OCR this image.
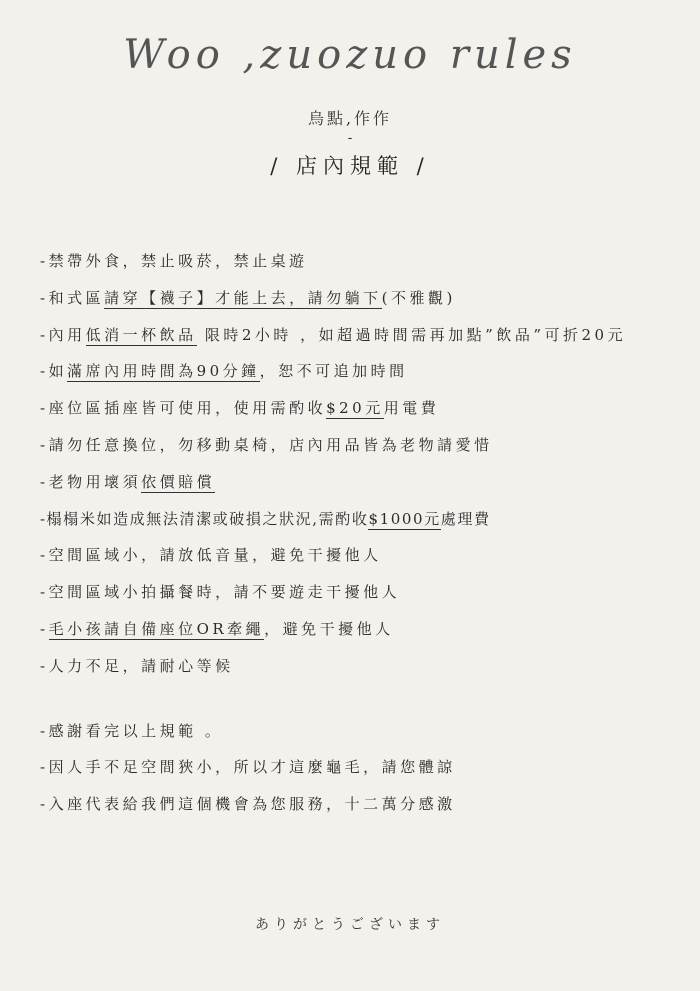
Woo ,zuozuo rules
烏點,作作
-
/ 店內規範 /

-禁帶外食，禁止吸菸，禁止桌遊

-和式區請穿【襪子】才能上去，請勿躺下(不雅觀)

-內用低消一杯飲品 限時2小時 ，如超過時間需再加點”飲品”可折20元

-如滿席內用時間為90分鐘，恕不可追加時間

-座位區插座皆可使用，使用需酌收$20元用電費

-請勿任意換位，勿移動桌椅，店內用品皆為老物請愛惜

-老物用壞須依價賠償

-榻榻米如造成無法清潔或破損之狀況,需酌收$1000元處理費

-空間區域小，請放低音量，避免干擾他人

-空間區域小拍攝餐時，請不要遊走干擾他人

-毛小孩請自備座位OR牽繩，避免干擾他人

-人力不足，請耐心等候

-感謝看完以上規範 。

-因人手不足空間狹小，所以才這麼龜毛，請您體諒

-入座代表給我們這個機會為您服務，十二萬分感激

ありがとうございます
